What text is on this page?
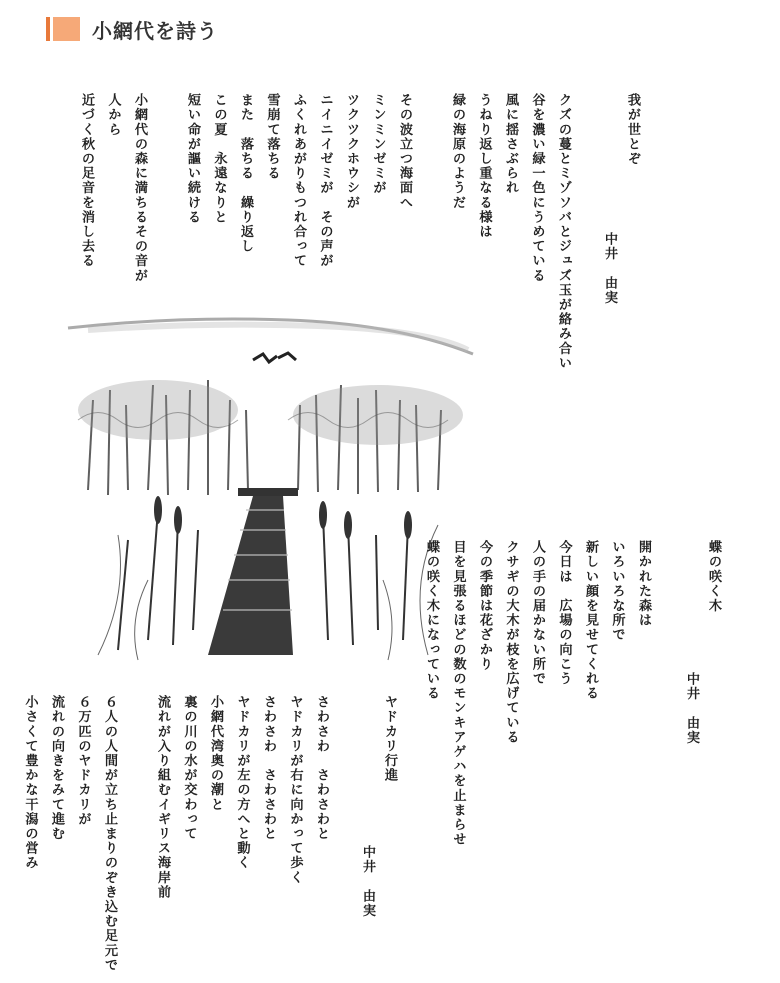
小網代を詩う
我が世とぞ
中井　由実
クズの蔓とミゾソバとジュズ玉が絡み合い
谷を濃い緑一色にうめている
風に揺さぶられ
うねり返し重なる様は
緑の海原のようだ
その波立つ海面へ
ミンミンゼミが
ツクツクホウシが
ニイニイゼミが　その声が
ふくれあがりもつれ合って
雪崩て落ちる
また　落ちる　繰り返し
この夏　永遠なりと
短い命が謳い続ける
小網代の森に満ちるその音が
人から
近づく秋の足音を消し去る
蝶の咲く木
中井　由実
開かれた森は
いろいろな所で
新しい顔を見せてくれる
今日は　広場の向こう
人の手の届かない所で
クサギの大木が枝を広げている
今の季節は花ざかり
目を見張るほどの数のモンキアゲハを止まらせ
蝶の咲く木になっている
ヤドカリ行進
中井　由実
さわさわ　さわさわと
ヤドカリが右に向かって歩く
さわさわ　さわさわと
ヤドカリが左の方へと動く
小網代湾奥の潮と
裏の川の水が交わって
流れが入り組むイギリス海岸前
６人の人間が立ち止まりのぞき込む足元で
６万匹のヤドカリが
流れの向きをみて進む
小さくて豊かな干潟の営み
